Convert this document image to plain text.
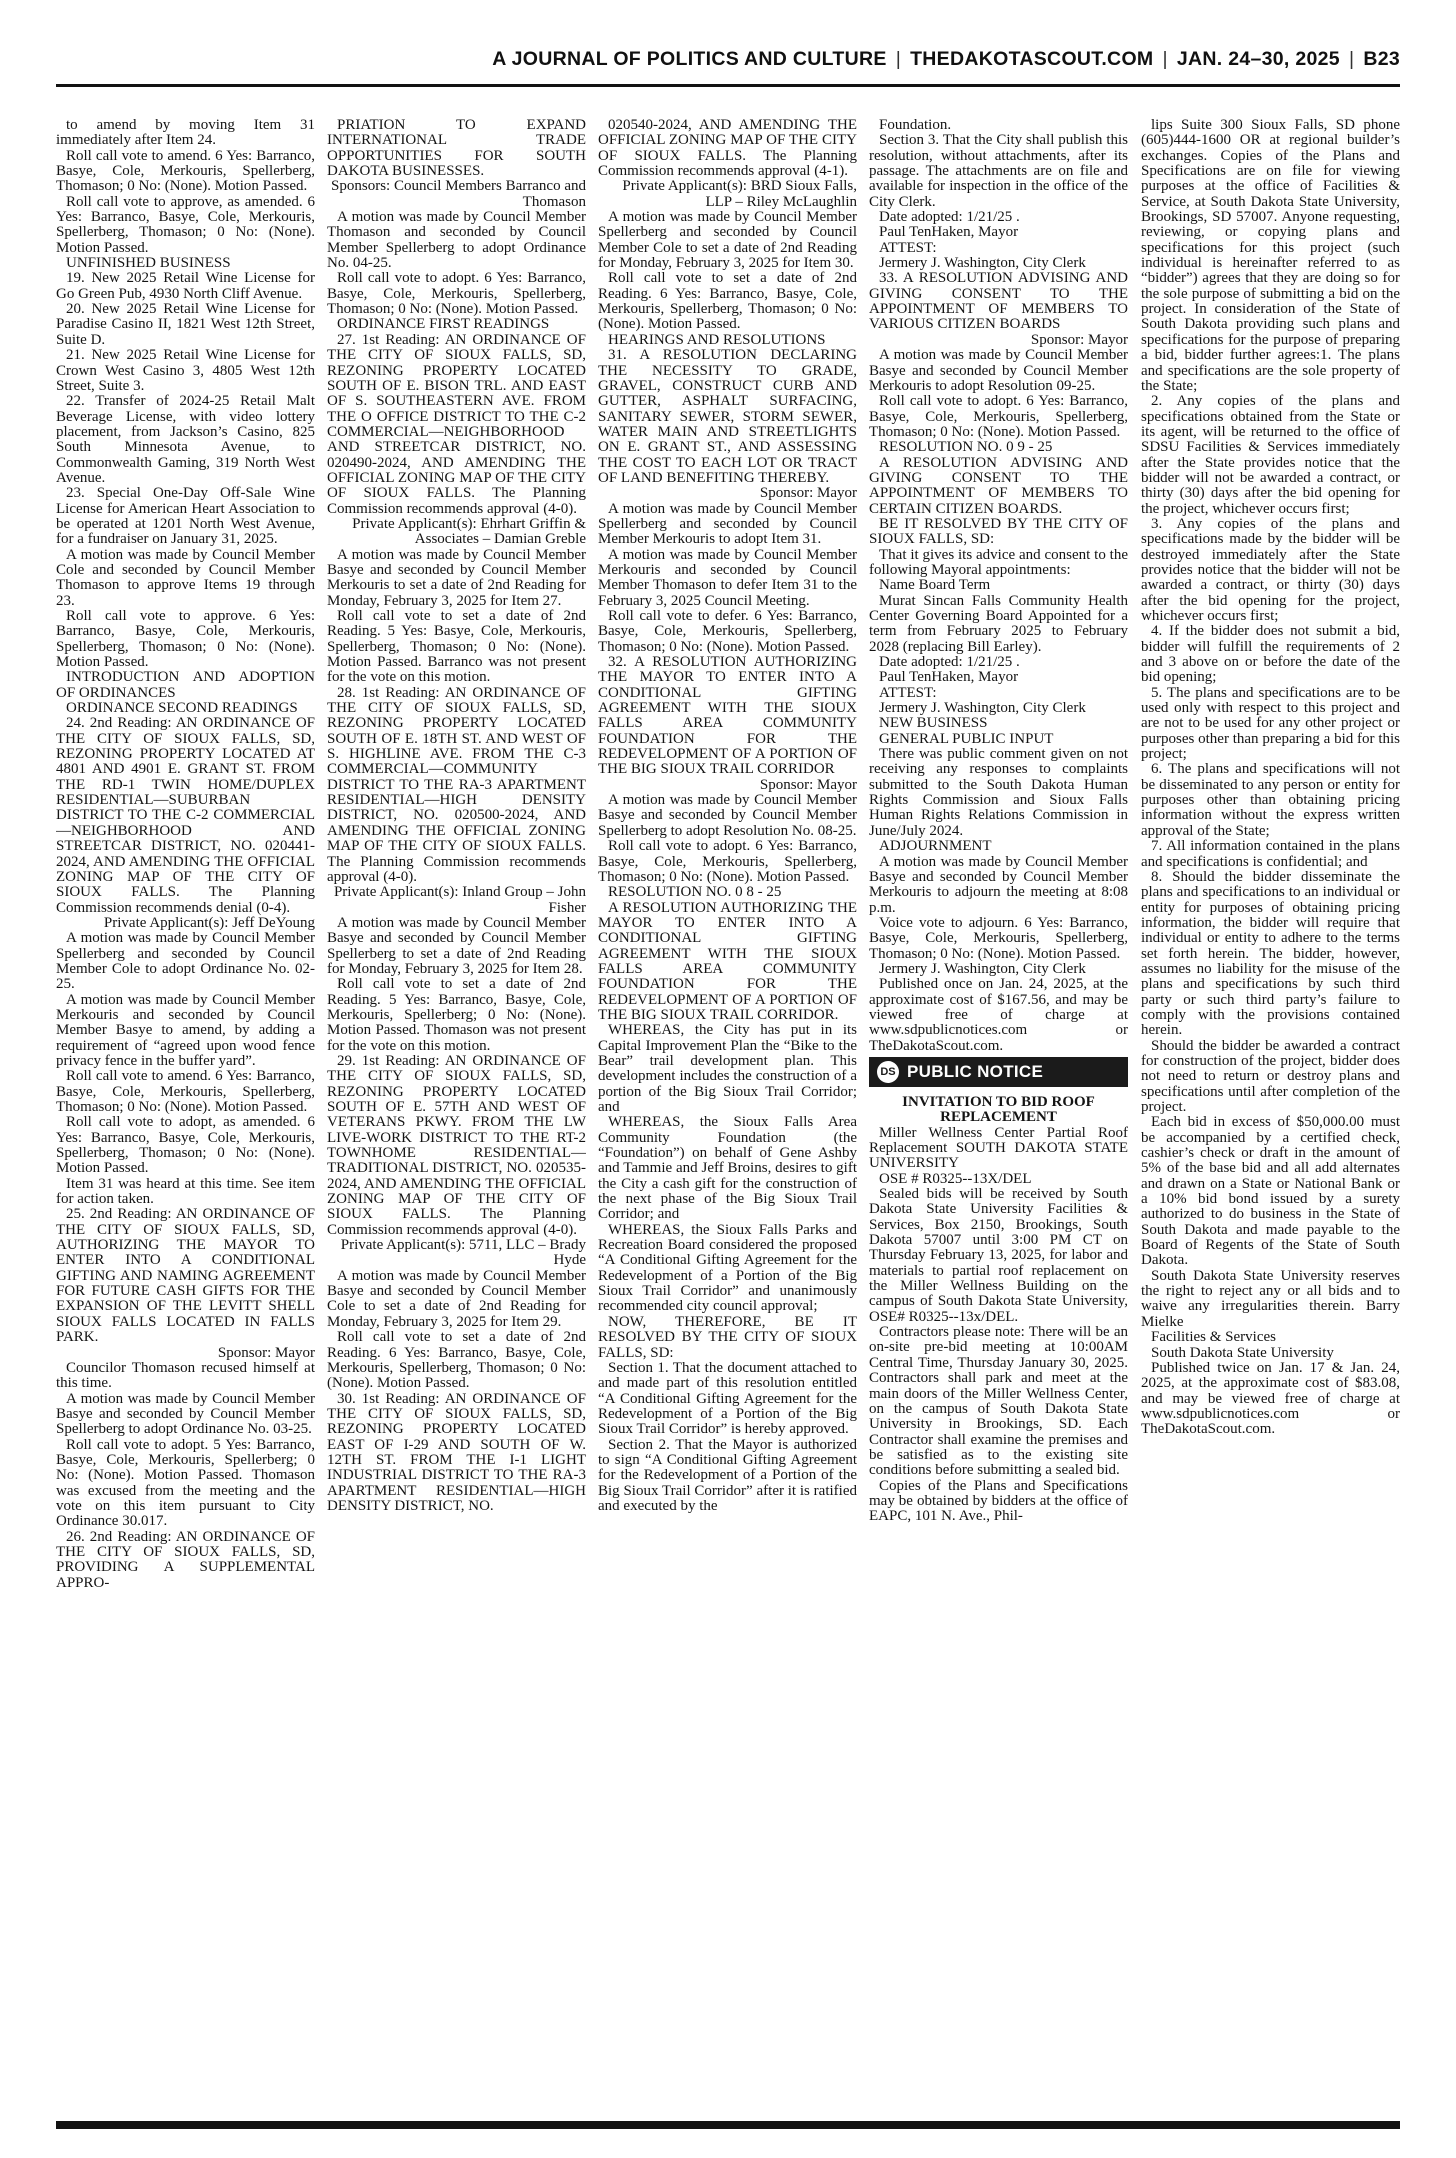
A JOURNAL OF POLITICS AND CULTURE | THEDAKOTASCOUT.COM | JAN. 24–30, 2025 | B23

to amend by moving Item 31 immediately after Item 24.

Roll call vote to amend. 6 Yes: Barranco, Basye, Cole, Merkouris, Spellerberg, Thomason; 0 No: (None). Motion Passed.

Roll call vote to approve, as amended. 6 Yes: Barranco, Basye, Cole, Merkouris, Spellerberg, Thomason; 0 No: (None). Motion Passed.

UNFINISHED BUSINESS

19. New 2025 Retail Wine License for Go Green Pub, 4930 North Cliff Avenue.

20. New 2025 Retail Wine License for Paradise Casino II, 1821 West 12th Street, Suite D.

21. New 2025 Retail Wine License for Crown West Casino 3, 4805 West 12th Street, Suite 3.

22. Transfer of 2024-25 Retail Malt Beverage License, with video lottery placement, from Jackson’s Casino, 825 South Minnesota Avenue, to Commonwealth Gaming, 319 North West Avenue.

23. Special One-Day Off-Sale Wine License for American Heart Association to be operated at 1201 North West Avenue, for a fundraiser on January 31, 2025.

A motion was made by Council Member Cole and seconded by Council Member Thomason to approve Items 19 through 23.

Roll call vote to approve. 6 Yes: Barranco, Basye, Cole, Merkouris, Spellerberg, Thomason; 0 No: (None). Motion Passed.

INTRODUCTION AND ADOPTION OF ORDINANCES

ORDINANCE SECOND READINGS

24. 2nd Reading: AN ORDINANCE OF THE CITY OF SIOUX FALLS, SD, REZONING PROPERTY LOCATED AT 4801 AND 4901 E. GRANT ST. FROM THE RD-1 TWIN HOME/DUPLEX RESIDENTIAL—SUBURBAN DISTRICT TO THE C-2 COMMERCIAL—NEIGHBORHOOD AND STREETCAR DISTRICT, NO. 020441-2024, AND AMENDING THE OFFICIAL ZONING MAP OF THE CITY OF SIOUX FALLS. The Planning Commission recommends denial (0-4).

Private Applicant(s): Jeff DeYoung

A motion was made by Council Member Spellerberg and seconded by Council Member Cole to adopt Ordinance No. 02-25.

A motion was made by Council Member Merkouris and seconded by Council Member Basye to amend, by adding a requirement of “agreed upon wood fence privacy fence in the buffer yard”.

Roll call vote to amend. 6 Yes: Barranco, Basye, Cole, Merkouris, Spellerberg, Thomason; 0 No: (None). Motion Passed.

Roll call vote to adopt, as amended. 6 Yes: Barranco, Basye, Cole, Merkouris, Spellerberg, Thomason; 0 No: (None). Motion Passed.

Item 31 was heard at this time. See item for action taken.

25. 2nd Reading: AN ORDINANCE OF THE CITY OF SIOUX FALLS, SD, AUTHORIZING THE MAYOR TO ENTER INTO A CONDITIONAL GIFTING AND NAMING AGREEMENT FOR FUTURE CASH GIFTS FOR THE EXPANSION OF THE LEVITT SHELL SIOUX FALLS LOCATED IN FALLS PARK.

Sponsor: Mayor

Councilor Thomason recused himself at this time.

A motion was made by Council Member Basye and seconded by Council Member Spellerberg to adopt Ordinance No. 03-25.

Roll call vote to adopt. 5 Yes: Barranco, Basye, Cole, Merkouris, Spellerberg; 0 No: (None). Motion Passed. Thomason was excused from the meeting and the vote on this item pursuant to City Ordinance 30.017.

26. 2nd Reading: AN ORDINANCE OF THE CITY OF SIOUX FALLS, SD, PROVIDING A SUPPLEMENTAL APPRO-

PRIATION TO EXPAND INTERNATIONAL TRADE OPPORTUNITIES FOR SOUTH DAKOTA BUSINESSES.

Sponsors: Council Members Barranco and Thomason

A motion was made by Council Member Thomason and seconded by Council Member Spellerberg to adopt Ordinance No. 04-25.

Roll call vote to adopt. 6 Yes: Barranco, Basye, Cole, Merkouris, Spellerberg, Thomason; 0 No: (None). Motion Passed.

ORDINANCE FIRST READINGS

27. 1st Reading: AN ORDINANCE OF THE CITY OF SIOUX FALLS, SD, REZONING PROPERTY LOCATED SOUTH OF E. BISON TRL. AND EAST OF S. SOUTHEASTERN AVE. FROM THE O OFFICE DISTRICT TO THE C-2 COMMERCIAL—NEIGHBORHOOD AND STREETCAR DISTRICT, NO. 020490-2024, AND AMENDING THE OFFICIAL ZONING MAP OF THE CITY OF SIOUX FALLS. The Planning Commission recommends approval (4-0).

Private Applicant(s): Ehrhart Griffin & Associates – Damian Greble

A motion was made by Council Member Basye and seconded by Council Member Merkouris to set a date of 2nd Reading for Monday, February 3, 2025 for Item 27.

Roll call vote to set a date of 2nd Reading. 5 Yes: Basye, Cole, Merkouris, Spellerberg, Thomason; 0 No: (None). Motion Passed. Barranco was not present for the vote on this motion.

28. 1st Reading: AN ORDINANCE OF THE CITY OF SIOUX FALLS, SD, REZONING PROPERTY LOCATED SOUTH OF E. 18TH ST. AND WEST OF S. HIGHLINE AVE. FROM THE C-3 COMMERCIAL—COMMUNITY DISTRICT TO THE RA-3 APARTMENT RESIDENTIAL—HIGH DENSITY DISTRICT, NO. 020500-2024, AND AMENDING THE OFFICIAL ZONING MAP OF THE CITY OF SIOUX FALLS. The Planning Commission recommends approval (4-0).

Private Applicant(s): Inland Group – John Fisher

A motion was made by Council Member Basye and seconded by Council Member Spellerberg to set a date of 2nd Reading for Monday, February 3, 2025 for Item 28.

Roll call vote to set a date of 2nd Reading. 5 Yes: Barranco, Basye, Cole, Merkouris, Spellerberg; 0 No: (None). Motion Passed. Thomason was not present for the vote on this motion.

29. 1st Reading: AN ORDINANCE OF THE CITY OF SIOUX FALLS, SD, REZONING PROPERTY LOCATED SOUTH OF E. 57TH AND WEST OF VETERANS PKWY. FROM THE LW LIVE-WORK DISTRICT TO THE RT-2 TOWNHOME RESIDENTIAL—TRADITIONAL DISTRICT, NO. 020535-2024, AND AMENDING THE OFFICIAL ZONING MAP OF THE CITY OF SIOUX FALLS. The Planning Commission recommends approval (4-0).

Private Applicant(s): 5711, LLC – Brady Hyde

A motion was made by Council Member Basye and seconded by Council Member Cole to set a date of 2nd Reading for Monday, February 3, 2025 for Item 29.

Roll call vote to set a date of 2nd Reading. 6 Yes: Barranco, Basye, Cole, Merkouris, Spellerberg, Thomason; 0 No: (None). Motion Passed.

30. 1st Reading: AN ORDINANCE OF THE CITY OF SIOUX FALLS, SD, REZONING PROPERTY LOCATED EAST OF I-29 AND SOUTH OF W. 12TH ST. FROM THE I-1 LIGHT INDUSTRIAL DISTRICT TO THE RA-3 APARTMENT RESIDENTIAL—HIGH DENSITY DISTRICT, NO.

020540-2024, AND AMENDING THE OFFICIAL ZONING MAP OF THE CITY OF SIOUX FALLS. The Planning Commission recommends approval (4-1).

Private Applicant(s): BRD Sioux Falls, LLP – Riley McLaughlin

A motion was made by Council Member Spellerberg and seconded by Council Member Cole to set a date of 2nd Reading for Monday, February 3, 2025 for Item 30.

Roll call vote to set a date of 2nd Reading. 6 Yes: Barranco, Basye, Cole, Merkouris, Spellerberg, Thomason; 0 No: (None). Motion Passed.

HEARINGS AND RESOLUTIONS

31. A RESOLUTION DECLARING THE NECESSITY TO GRADE, GRAVEL, CONSTRUCT CURB AND GUTTER, ASPHALT SURFACING, SANITARY SEWER, STORM SEWER, WATER MAIN AND STREETLIGHTS ON E. GRANT ST., AND ASSESSING THE COST TO EACH LOT OR TRACT OF LAND BENEFITING THEREBY.

Sponsor: Mayor

A motion was made by Council Member Spellerberg and seconded by Council Member Merkouris to adopt Item 31.

A motion was made by Council Member Merkouris and seconded by Council Member Thomason to defer Item 31 to the February 3, 2025 Council Meeting.

Roll call vote to defer. 6 Yes: Barranco, Basye, Cole, Merkouris, Spellerberg, Thomason; 0 No: (None). Motion Passed.

32. A RESOLUTION AUTHORIZING THE MAYOR TO ENTER INTO A CONDITIONAL GIFTING AGREEMENT WITH THE SIOUX FALLS AREA COMMUNITY FOUNDATION FOR THE REDEVELOPMENT OF A PORTION OF THE BIG SIOUX TRAIL CORRIDOR

Sponsor: Mayor

A motion was made by Council Member Basye and seconded by Council Member Spellerberg to adopt Resolution No. 08-25.

Roll call vote to adopt. 6 Yes: Barranco, Basye, Cole, Merkouris, Spellerberg, Thomason; 0 No: (None). Motion Passed.

RESOLUTION NO. 0 8 - 25

A RESOLUTION AUTHORIZING THE MAYOR TO ENTER INTO A CONDITIONAL GIFTING AGREEMENT WITH THE SIOUX FALLS AREA COMMUNITY FOUNDATION FOR THE REDEVELOPMENT OF A PORTION OF THE BIG SIOUX TRAIL CORRIDOR.

WHEREAS, the City has put in its Capital Improvement Plan the “Bike to the Bear” trail development plan. This development includes the construction of a portion of the Big Sioux Trail Corridor; and

WHEREAS, the Sioux Falls Area Community Foundation (the “Foundation”) on behalf of Gene Ashby and Tammie and Jeff Broins, desires to gift the City a cash gift for the construction of the next phase of the Big Sioux Trail Corridor; and

WHEREAS, the Sioux Falls Parks and Recreation Board considered the proposed “A Conditional Gifting Agreement for the Redevelopment of a Portion of the Big Sioux Trail Corridor” and unanimously recommended city council approval;

NOW, THEREFORE, BE IT RESOLVED BY THE CITY OF SIOUX FALLS, SD:

Section 1. That the document attached to and made part of this resolution entitled “A Conditional Gifting Agreement for the Redevelopment of a Portion of the Big Sioux Trail Corridor” is hereby approved.

Section 2. That the Mayor is authorized to sign “A Conditional Gifting Agreement for the Redevelopment of a Portion of the Big Sioux Trail Corridor” after it is ratified and executed by the

Foundation.

Section 3. That the City shall publish this resolution, without attachments, after its passage. The attachments are on file and available for inspection in the office of the City Clerk.

Date adopted: 1/21/25 .

Paul TenHaken, Mayor

ATTEST:

Jermery J. Washington, City Clerk

33. A RESOLUTION ADVISING AND GIVING CONSENT TO THE APPOINTMENT OF MEMBERS TO VARIOUS CITIZEN BOARDS

Sponsor: Mayor

A motion was made by Council Member Basye and seconded by Council Member Merkouris to adopt Resolution 09-25.

Roll call vote to adopt. 6 Yes: Barranco, Basye, Cole, Merkouris, Spellerberg, Thomason; 0 No: (None). Motion Passed.

RESOLUTION NO. 0 9 - 25

A RESOLUTION ADVISING AND GIVING CONSENT TO THE APPOINTMENT OF MEMBERS TO CERTAIN CITIZEN BOARDS.

BE IT RESOLVED BY THE CITY OF SIOUX FALLS, SD:

That it gives its advice and consent to the following Mayoral appointments:

Name Board Term

Murat Sincan Falls Community Health Center Governing Board Appointed for a term from February 2025 to February 2028 (replacing Bill Earley).

Date adopted: 1/21/25 .

Paul TenHaken, Mayor

ATTEST:

Jermery J. Washington, City Clerk

NEW BUSINESS

GENERAL PUBLIC INPUT

There was public comment given on not receiving any responses to complaints submitted to the South Dakota Human Rights Commission and Sioux Falls Human Rights Relations Commission in June/July 2024.

ADJOURNMENT

A motion was made by Council Member Basye and seconded by Council Member Merkouris to adjourn the meeting at 8:08 p.m.

Voice vote to adjourn. 6 Yes: Barranco, Basye, Cole, Merkouris, Spellerberg, Thomason; 0 No: (None). Motion Passed.

Jermery J. Washington, City Clerk

Published once on Jan. 24, 2025, at the approximate cost of $167.56, and may be viewed free of charge at www.sdpublicnotices.com or TheDakotaScout.com.

DS PUBLIC NOTICE

INVITATION TO BID ROOF REPLACEMENT

Miller Wellness Center Partial Roof Replacement SOUTH DAKOTA STATE UNIVERSITY

OSE # R0325--13X/DEL

Sealed bids will be received by South Dakota State University Facilities & Services, Box 2150, Brookings, South Dakota 57007 until 3:00 PM CT on Thursday February 13, 2025, for labor and materials to partial roof replacement on the Miller Wellness Building on the campus of South Dakota State University, OSE# R0325--13x/DEL.

Contractors please note: There will be an on-site pre-bid meeting at 10:00AM Central Time, Thursday January 30, 2025. Contractors shall park and meet at the main doors of the Miller Wellness Center, on the campus of South Dakota State University in Brookings, SD. Each Contractor shall examine the premises and be satisfied as to the existing site conditions before submitting a sealed bid.

Copies of the Plans and Specifications may be obtained by bidders at the office of EAPC, 101 N. Ave., Phil-

lips Suite 300 Sioux Falls, SD phone (605)444-1600 OR at regional builder’s exchanges. Copies of the Plans and Specifications are on file for viewing purposes at the office of Facilities & Service, at South Dakota State University, Brookings, SD 57007. Anyone requesting, reviewing, or copying plans and specifications for this project (such individual is hereinafter referred to as “bidder”) agrees that they are doing so for the sole purpose of submitting a bid on the project. In consideration of the State of South Dakota providing such plans and specifications for the purpose of preparing a bid, bidder further agrees:1. The plans and specifications are the sole property of the State;

2. Any copies of the plans and specifications obtained from the State or its agent, will be returned to the office of SDSU Facilities & Services immediately after the State provides notice that the bidder will not be awarded a contract, or thirty (30) days after the bid opening for the project, whichever occurs first;

3. Any copies of the plans and specifications made by the bidder will be destroyed immediately after the State provides notice that the bidder will not be awarded a contract, or thirty (30) days after the bid opening for the project, whichever occurs first;

4. If the bidder does not submit a bid, bidder will fulfill the requirements of 2 and 3 above on or before the date of the bid opening;

5. The plans and specifications are to be used only with respect to this project and are not to be used for any other project or purposes other than preparing a bid for this project;

6. The plans and specifications will not be disseminated to any person or entity for purposes other than obtaining pricing information without the express written approval of the State;

7. All information contained in the plans and specifications is confidential; and

8. Should the bidder disseminate the plans and specifications to an individual or entity for purposes of obtaining pricing information, the bidder will require that individual or entity to adhere to the terms set forth herein. The bidder, however, assumes no liability for the misuse of the plans and specifications by such third party or such third party’s failure to comply with the provisions contained herein.

Should the bidder be awarded a contract for construction of the project, bidder does not need to return or destroy plans and specifications until after completion of the project.

Each bid in excess of $50,000.00 must be accompanied by a certified check, cashier’s check or draft in the amount of 5% of the base bid and all add alternates and drawn on a State or National Bank or a 10% bid bond issued by a surety authorized to do business in the State of South Dakota and made payable to the Board of Regents of the State of South Dakota.

South Dakota State University reserves the right to reject any or all bids and to waive any irregularities therein. Barry Mielke

Facilities & Services

South Dakota State University

Published twice on Jan. 17 & Jan. 24, 2025, at the approximate cost of $83.08, and may be viewed free of charge at www.sdpublicnotices.com or TheDakotaScout.com.
